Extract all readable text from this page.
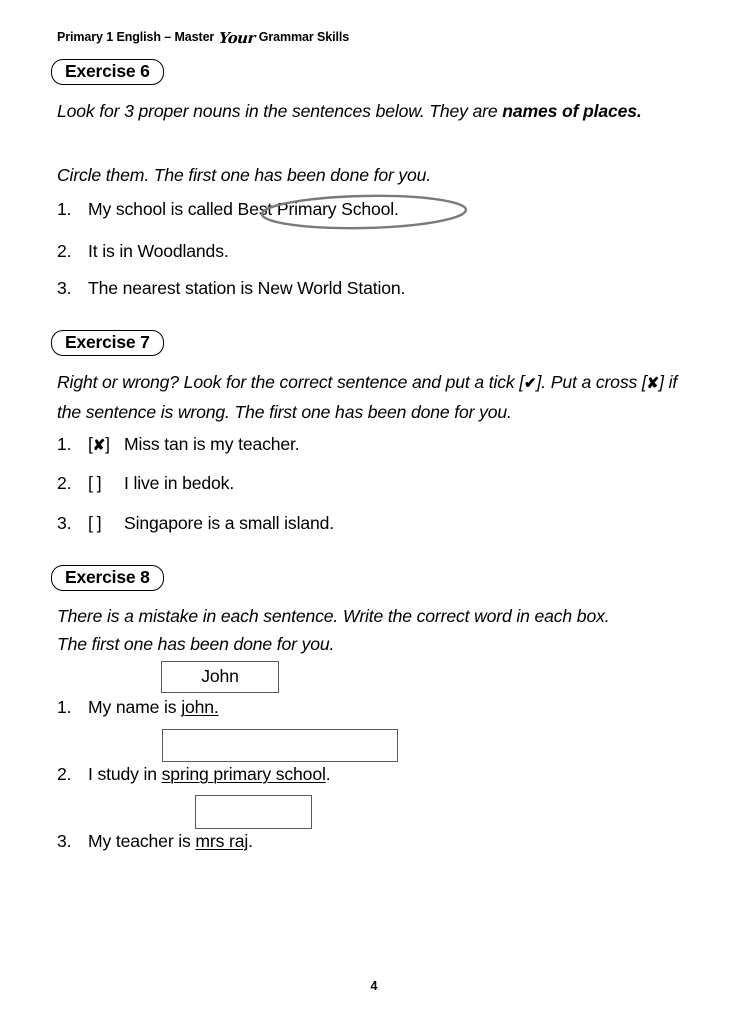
Primary 1 English – Master Your Grammar Skills
Exercise 6
Look for 3 proper nouns in the sentences below. They are names of places.
Circle them. The first one has been done for you.
1. My school is called Best Primary School.
2. It is in Woodlands.
3. The nearest station is New World Station.
Exercise 7
Right or wrong? Look for the correct sentence and put a tick [✔]. Put a cross [✘] if the sentence is wrong. The first one has been done for you.
1. [✘] Miss tan is my teacher.
2. [ ] I live in bedok.
3. [ ] Singapore is a small island.
Exercise 8
There is a mistake in each sentence. Write the correct word in each box.
The first one has been done for you.
John
1. My name is john.
2. I study in spring primary school.
3. My teacher is mrs raj.
4
